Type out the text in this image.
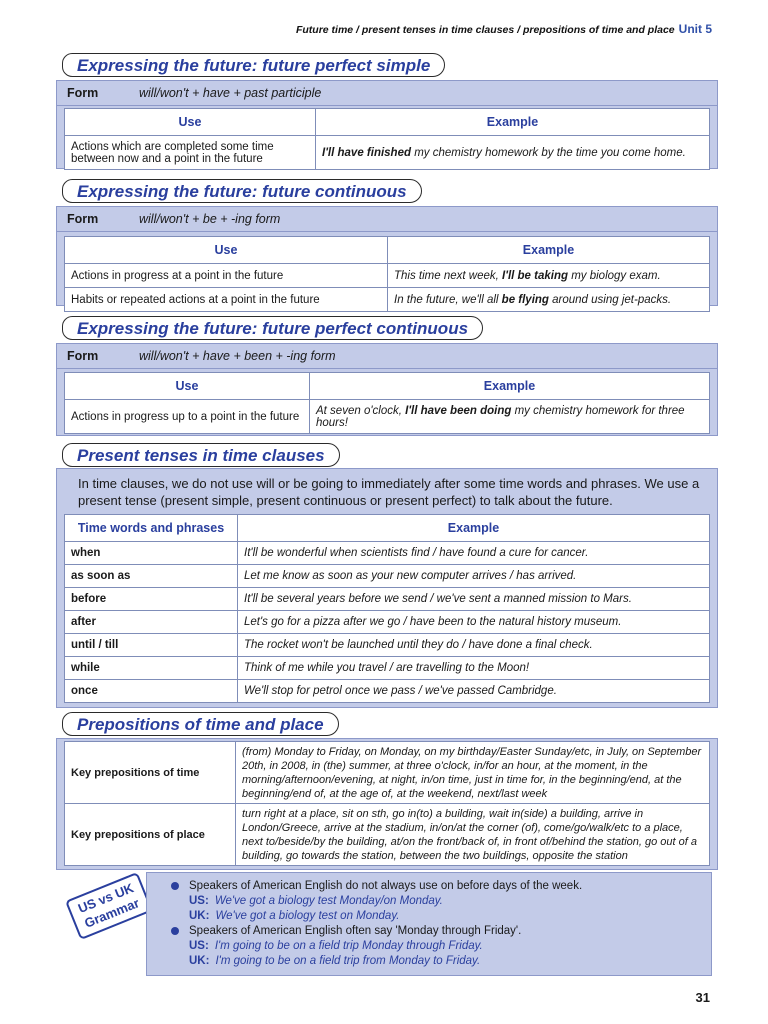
Future time / present tenses in time clauses / prepositions of time and place Unit 5
Expressing the future: future perfect simple
Form	will/won't + have + past participle
Use	Example
Actions which are completed some time between now and a point in the future	I'll have finished my chemistry homework by the time you come home.
Expressing the future: future continuous
Form	will/won't + be + -ing form
Use	Example
Actions in progress at a point in the future	This time next week, I'll be taking my biology exam.
Habits or repeated actions at a point in the future	In the future, we'll all be flying around using jet-packs.
Expressing the future: future perfect continuous
Form	will/won't + have + been + -ing form
Use	Example
Actions in progress up to a point in the future	At seven o'clock, I'll have been doing my chemistry homework for three hours!
Present tenses in time clauses
In time clauses, we do not use will or be going to immediately after some time words and phrases. We use a present tense (present simple, present continuous or present perfect) to talk about the future.
Time words and phrases	Example
when	It'll be wonderful when scientists find / have found a cure for cancer.
as soon as	Let me know as soon as your new computer arrives / has arrived.
before	It'll be several years before we send / we've sent a manned mission to Mars.
after	Let's go for a pizza after we go / have been to the natural history museum.
until / till	The rocket won't be launched until they do / have done a final check.
while	Think of me while you travel / are travelling to the Moon!
once	We'll stop for petrol once we pass / we've passed Cambridge.
Prepositions of time and place
Key prepositions of time	(from) Monday to Friday, on Monday, on my birthday/Easter Sunday/etc, in July, on September 20th, in 2008, in (the) summer, at three o'clock, in/for an hour, at the moment, in the morning/afternoon/evening, at night, in/on time, just in time for, in the beginning/end, at the beginning/end of, at the age of, at the weekend, next/last week
Key prepositions of place	turn right at a place, sit on sth, go in(to) a building, wait in(side) a building, arrive in London/Greece, arrive at the stadium, in/on/at the corner (of), come/go/walk/etc to a place, next to/beside/by the building, at/on the front/back of, in front of/behind the station, go out of a building, go towards the station, between the two buildings, opposite the station
US vs UK Grammar
Speakers of American English do not always use on before days of the week.
US: We've got a biology test Monday/on Monday.
UK: We've got a biology test on Monday.
Speakers of American English often say 'Monday through Friday'.
US: I'm going to be on a field trip Monday through Friday.
UK: I'm going to be on a field trip from Monday to Friday.
31
